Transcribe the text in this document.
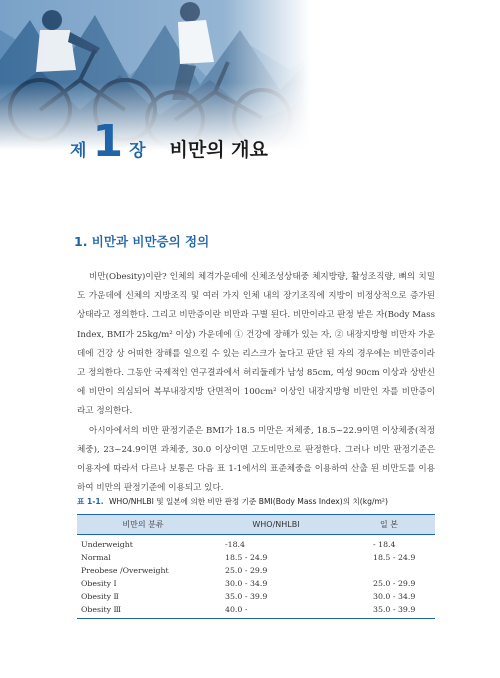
제 1 장 비만의 개요
1. 비만과 비만증의 정의

비만(Obesity)이란? 인체의 체격가운데에 신체조성상태중 체지방량, 활성조직량, 뼈의 치밀도 가운데에 신체의 지방조직 및 여러 가지 인체 내의 장기조직에 지방이 비정상적으로 증가된 상태라고 정의한다. 그리고 비만증이란 비만과 구별 된다. 비만이라고 판정 받은 자(Body Mass Index, BMI가 25kg/m² 이상) 가운데에 ① 건강에 장해가 있는 자, ② 내장지방형 비만자 가운데에 건강 상 어떠한 장해를 일으킬 수 있는 리스크가 높다고 판단 된 자의 경우에는 비만증이라고 정의한다. 그동안 국제적인 연구결과에서 허리둘레가 남성 85cm, 여성 90cm 이상과 상반신에 비만이 의심되어 복부내장지방 단면적이 100cm² 이상인 내장지방형 비만인 자를 비만증이라고 정의한다.

아시아에서의 비만 판정기준은 BMI가 18.5 미만은 저체중, 18.5~22.9이면 이상체중(적정체중), 23~24.9이면 과체중, 30.0 이상이면 고도비만으로 판정한다. 그러나 비만 판정기준은 이용자에 따라서 다르나 보통은 다음 표 1-1에서의 표준체중을 이용하여 산출 된 비만도를 이용하여 비만의 판정기준에 이용되고 있다.

표 1-1. WHO/NHLBI 및 일본에 의한 비만 판정 기준 BMI(Body Mass Index)의 치(kg/m²)
비만의 분류	WHO/NHLBI	일 본
Underweight	-18.4	- 18.4
Normal	18.5 - 24.9	18.5 - 24.9
Preobese /Overweight	25.0 - 29.9	
Obesity Ⅰ	30.0 - 34.9	25.0 - 29.9
Obesity Ⅱ	35.0 - 39.9	30.0 - 34.9
Obesity Ⅲ	40.0 -	35.0 - 39.9
